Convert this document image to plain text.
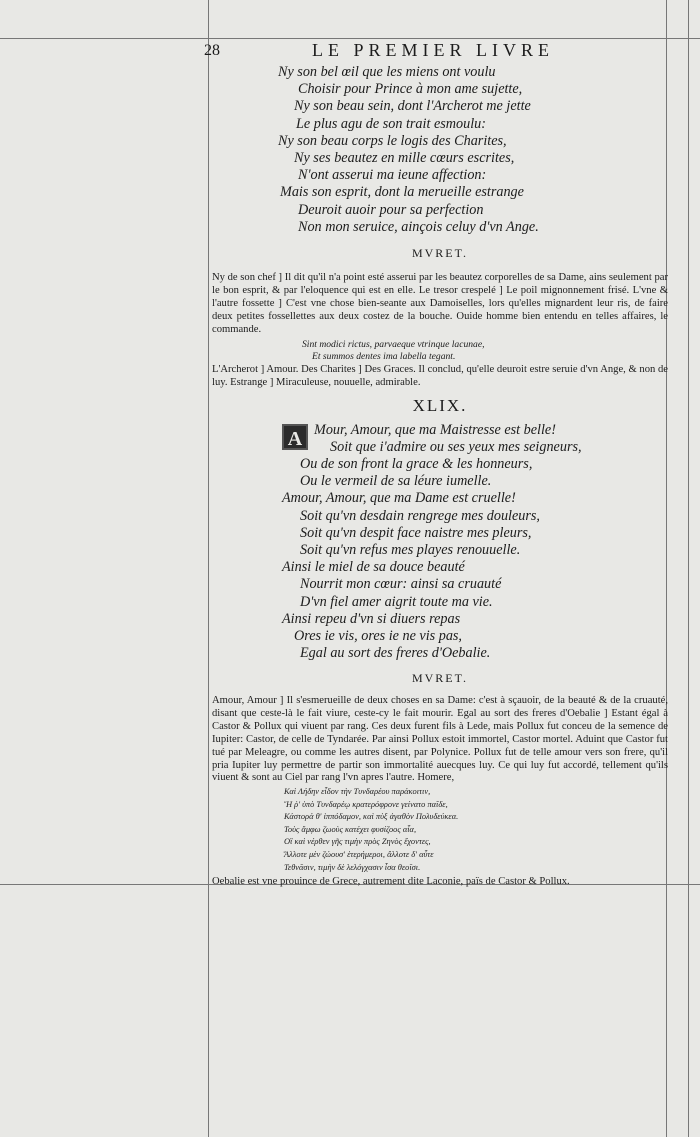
28	LE PREMIER LIVRE
Ny son bel œil que les miens ont voulu
Choisir pour Prince à mon ame sujette,
Ny son beau sein, dont l'Archerot me jette
Le plus agu de son trait esmoulu:
Ny son beau corps le logis des Charites,
Ny ses beautez en mille cœurs escrites,
N'ont asserui ma ieune affection:
Mais son esprit, dont la merueille estrange
Deuroit auoir pour sa perfection
Non mon seruice, ainçois celuy d'vn Ange.
MVRET.

Ny de son chef ] Il dit qu'il n'a point esté asserui par les beautez corporelles de sa Dame, ains seulement par le bon esprit, & par l'eloquence qui est en elle. Le tresor crespelé ] Le poil mignonnement frisé. L'vne & l'autre fossette ] C'est vne chose bien-seante aux Damoiselles, lors qu'elles mignardent leur ris, de faire deux petites fossellettes aux deux costez de la bouche. Ouide homme bien entendu en telles affaires, le commande.

Sint modici rictus, parvaeque vtrinque lacunae,
Et summos dentes ima labella tegant.

L'Archerot ] Amour. Des Charites ] Des Graces. Il conclud, qu'elle deuroit estre seruie d'vn Ange, & non de luy. Estrange ] Miraculeuse, nouuelle, admirable.

XLIX.
A Mour, Amour, que ma Maistresse est belle!
Soit que i'admire ou ses yeux mes seigneurs,
Ou de son front la grace & les honneurs,
Ou le vermeil de sa léure iumelle.
Amour, Amour, que ma Dame est cruelle!
Soit qu'vn desdain rengrege mes douleurs,
Soit qu'vn despit face naistre mes pleurs,
Soit qu'vn refus mes playes renouuelle.
Ainsi le miel de sa douce beauté
Nourrit mon cœur: ainsi sa cruauté
D'vn fiel amer aigrit toute ma vie.
Ainsi repeu d'vn si diuers repas
Ores ie vis, ores ie ne vis pas,
Egal au sort des freres d'Oebalie.
MVRET.

Amour, Amour ] Il s'esmerueille de deux choses en sa Dame: c'est à sçauoir, de la beauté & de la cruauté, disant que ceste-là le fait viure, ceste-cy le fait mourir. Egal au sort des freres d'Oebalie ] Estant égal à Castor & Pollux qui viuent par rang. Ces deux furent fils à Lede, mais Pollux fut conceu de la semence de Iupiter: Castor, de celle de Tyndarée. Par ainsi Pollux estoit immortel, Castor mortel. Aduint que Castor fut tué par Meleagre, ou comme les autres disent, par Polynice. Pollux fut de telle amour vers son frere, qu'il pria Iupiter luy permettre de partir son immortalité auecques luy. Ce qui luy fut accordé, tellement qu'ils viuent & sont au Ciel par rang l'vn apres l'autre. Homere,

Καὶ Λήδην εἶδον τὴν Τυνδαρέου παράκοιτιν,
Ἥ ῥ' ὑπὸ Τυνδαρέῳ κρατερόφρονε γείνατο παῖδε,
Κάστορά θ' ἱππόδαμον, καὶ πὺξ ἀγαθὸν Πολυδεύκεα.
Τοὺς ἄμφω ζωοὺς κατέχει φυσίζοος αἶα,
Οἳ καὶ νέρθεν γῆς τιμὴν πρὸς Ζηνὸς ἔχοντες,
Ἄλλοτε μὲν ζώουσ' ἑτερήμεροι, ἄλλοτε δ' αὖτε
Τεθνᾶσιν, τιμὴν δὲ λελόγχασιν ἶσα θεοῖσι.

Oebalie est vne prouince de Grece, autrement dite Laconie, païs de Castor & Pollux.
